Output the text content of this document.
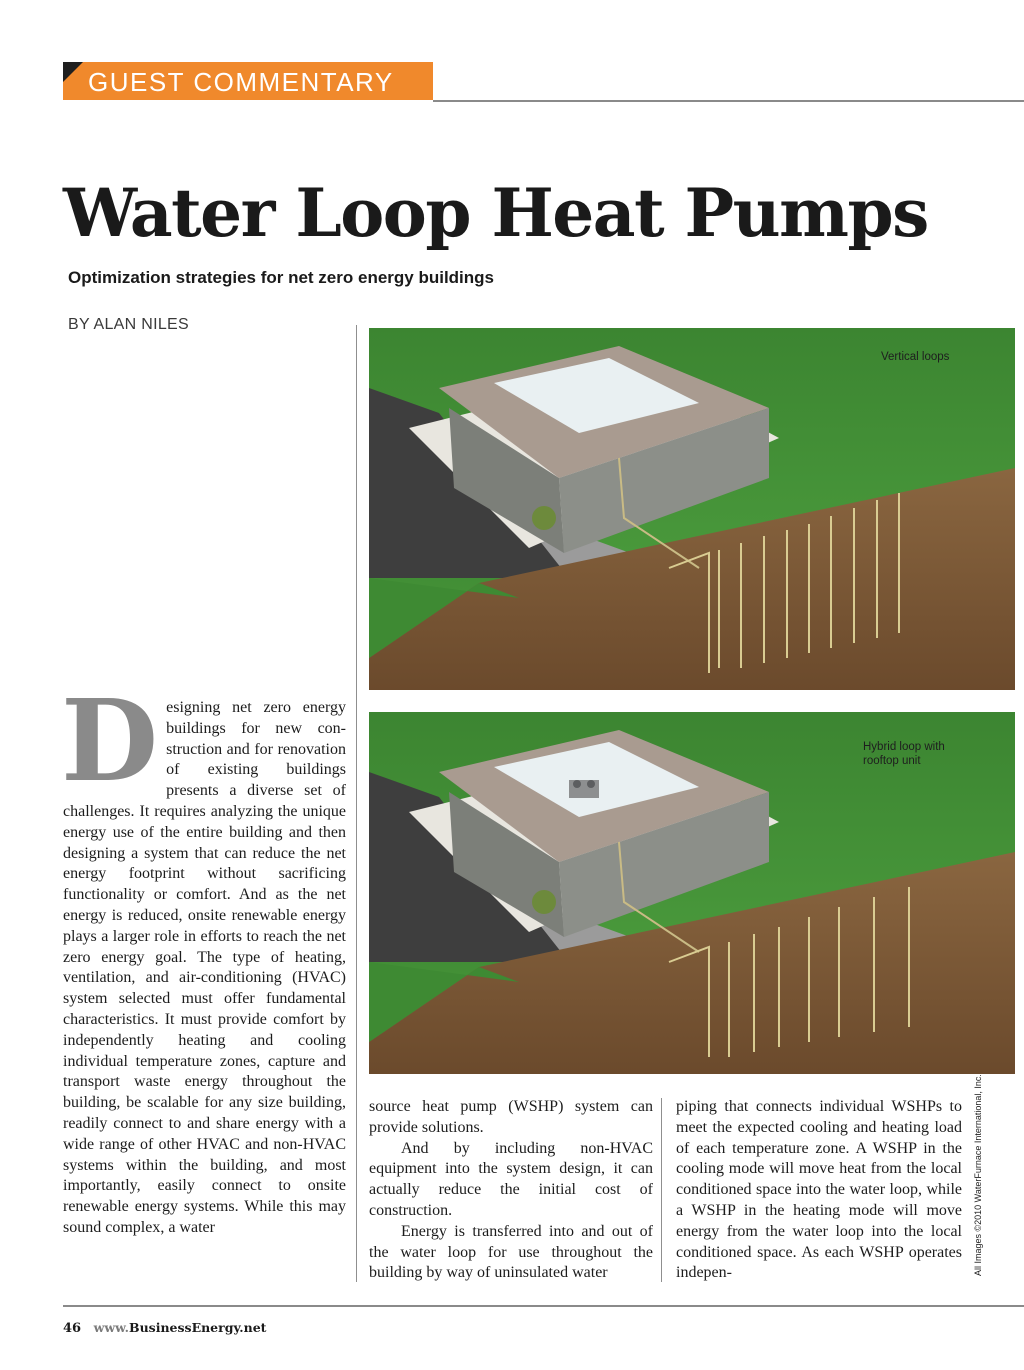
GUEST COMMENTARY
Water Loop Heat Pumps
Optimization strategies for net zero energy buildings
BY ALAN NILES
Vertical loops
Hybrid loop with
rooftop unit

Designing net zero energy buildings for new construction and for renovation of existing buildings presents a diverse set of challenges. It requires analyzing the unique energy use of the entire building and then designing a system that can reduce the net energy footprint without sacrificing functionality or comfort. And as the net energy is reduced, onsite renewable energy plays a larger role in efforts to reach the net zero energy goal. The type of heating, ventilation, and air-conditioning (HVAC) system selected must offer fundamental characteristics. It must provide comfort by independently heating and cooling individual temperature zones, capture and transport waste energy throughout the building, be scalable for any size building, readily connect to and share energy with a wide range of other HVAC and non-HVAC systems within the building, and most importantly, easily connect to onsite renewable energy systems. While this may sound complex, a water

source heat pump (WSHP) system can provide solutions.

And by including non-HVAC equipment into the system design, it can actually reduce the initial cost of construction.

Energy is transferred into and out of the water loop for use throughout the building by way of uninsulated water

piping that connects individual WSHPs to meet the expected cooling and heating load of each temperature zone. A WSHP in the cooling mode will move heat from the local conditioned space into the water loop, while a WSHP in the heating mode will move energy from the water loop into the local conditioned space. As each WSHP operates indepen-	All Images ©2010 WaterFurnace International, Inc.
46 www.BusinessEnergy.net
